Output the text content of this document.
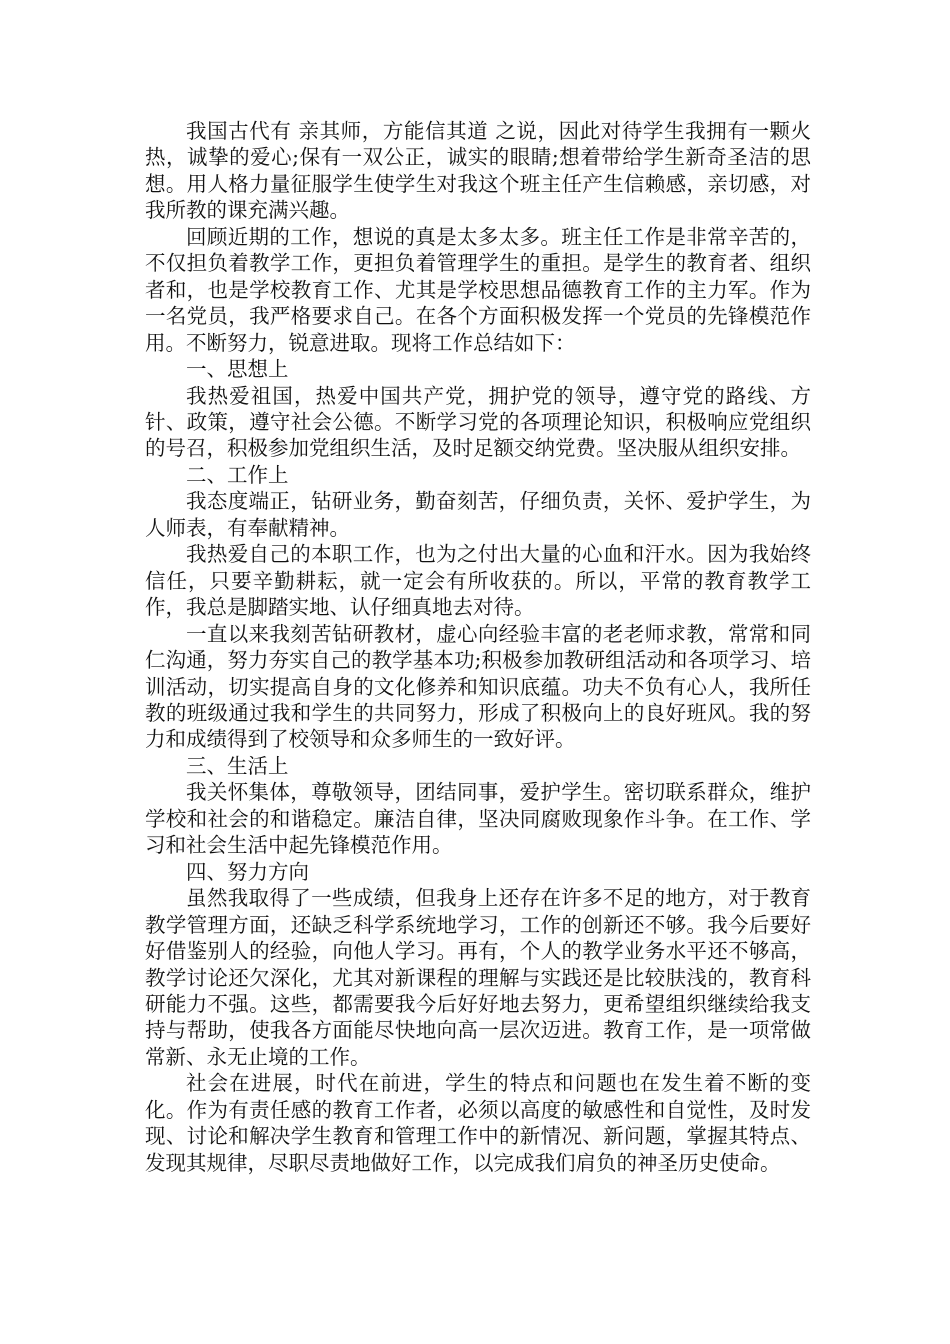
我国古代有 亲其师，方能信其道 之说，因此对待学生我拥有一颗火热，诚挚的爱心;保有一双公正，诚实的眼睛;想着带给学生新奇圣洁的思想。用人格力量征服学生使学生对我这个班主任产生信赖感，亲切感，对我所教的课充满兴趣。

回顾近期的工作，想说的真是太多太多。班主任工作是非常辛苦的，不仅担负着教学工作，更担负着管理学生的重担。是学生的教育者、组织者和，也是学校教育工作、尤其是学校思想品德教育工作的主力军。作为一名党员，我严格要求自己。在各个方面积极发挥一个党员的先锋模范作用。不断努力，锐意进取。现将工作总结如下：

一、思想上

我热爱祖国，热爱中国共产党，拥护党的领导，遵守党的路线、方针、政策，遵守社会公德。不断学习党的各项理论知识，积极响应党组织的号召，积极参加党组织生活，及时足额交纳党费。坚决服从组织安排。

二、工作上

我态度端正，钻研业务，勤奋刻苦，仔细负责，关怀、爱护学生，为人师表，有奉献精神。

我热爱自己的本职工作，也为之付出大量的心血和汗水。因为我始终信任，只要辛勤耕耘，就一定会有所收获的。所以，平常的教育教学工作，我总是脚踏实地、认仔细真地去对待。

一直以来我刻苦钻研教材，虚心向经验丰富的老老师求教，常常和同仁沟通，努力夯实自己的教学基本功;积极参加教研组活动和各项学习、培训活动，切实提高自身的文化修养和知识底蕴。功夫不负有心人，我所任教的班级通过我和学生的共同努力，形成了积极向上的良好班风。我的努力和成绩得到了校领导和众多师生的一致好评。

三、生活上

我关怀集体，尊敬领导，团结同事，爱护学生。密切联系群众，维护学校和社会的和谐稳定。廉洁自律，坚决同腐败现象作斗争。在工作、学习和社会生活中起先锋模范作用。

四、努力方向

虽然我取得了一些成绩，但我身上还存在许多不足的地方，对于教育教学管理方面，还缺乏科学系统地学习，工作的创新还不够。我今后要好好借鉴别人的经验，向他人学习。再有，个人的教学业务水平还不够高，教学讨论还欠深化，尤其对新课程的理解与实践还是比较肤浅的，教育科研能力不强。这些，都需要我今后好好地去努力，更希望组织继续给我支持与帮助，使我各方面能尽快地向高一层次迈进。教育工作，是一项常做常新、永无止境的工作。

社会在进展，时代在前进，学生的特点和问题也在发生着不断的变化。作为有责任感的教育工作者，必须以高度的敏感性和自觉性，及时发现、讨论和解决学生教育和管理工作中的新情况、新问题，掌握其特点、发现其规律，尽职尽责地做好工作，以完成我们肩负的神圣历史使命。
